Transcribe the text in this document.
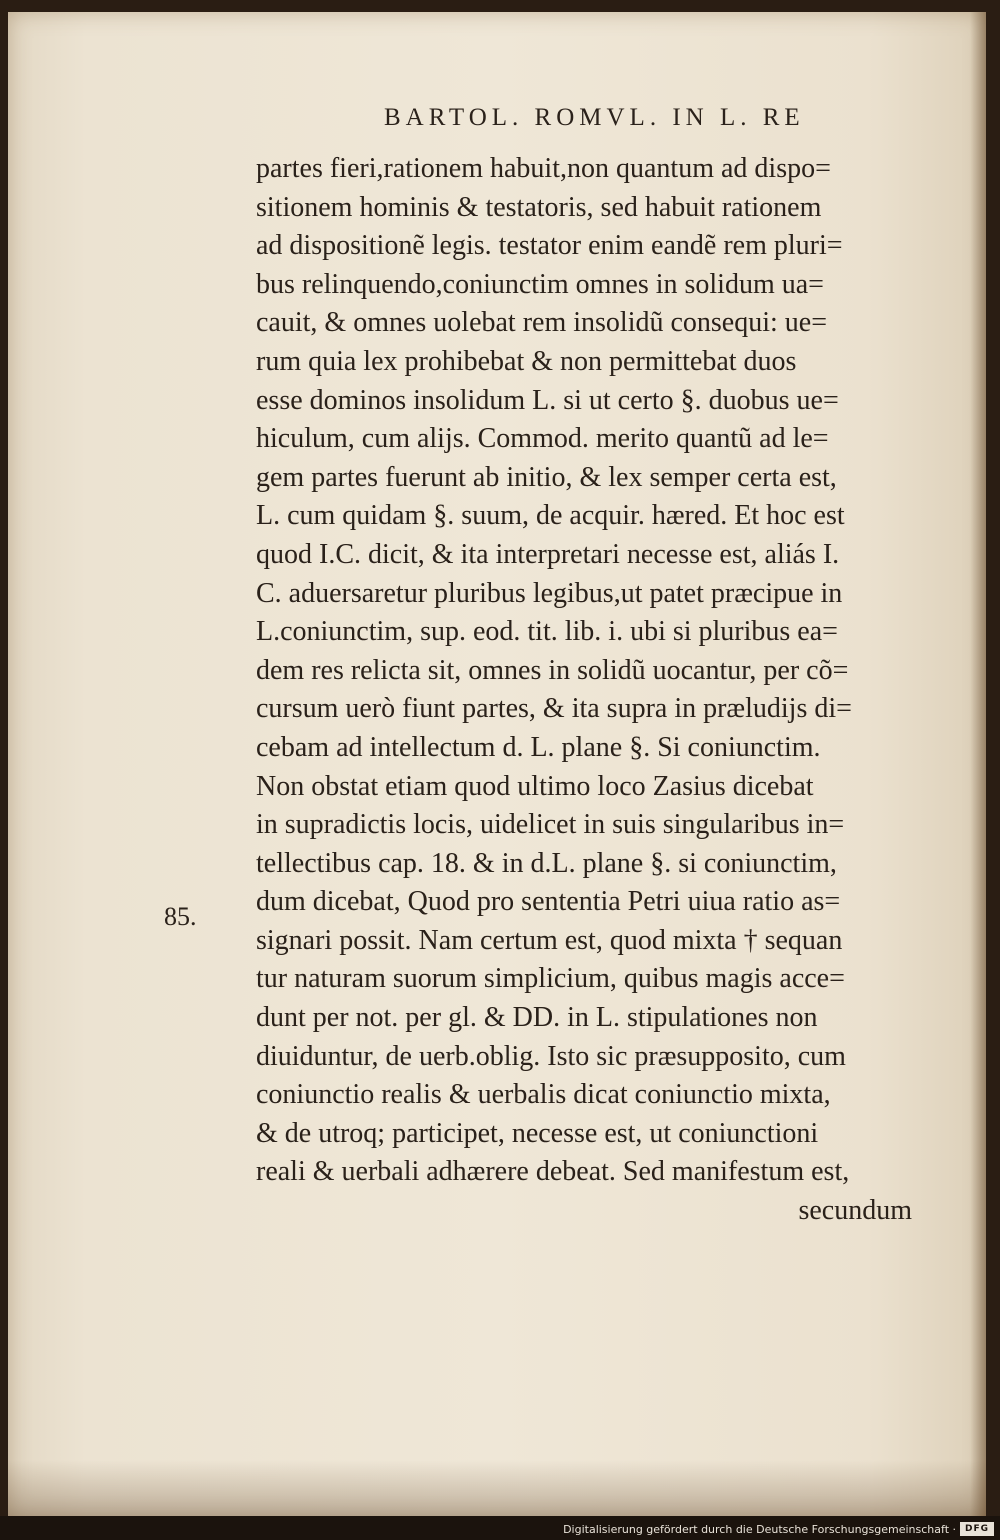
BARTOL. ROMVL. IN L. RE
85.
partes fieri,rationem habuit,non quantum ad dispo=
sitionem hominis & testatoris, sed habuit rationem
ad dispositionẽ legis. testator enim eandẽ rem pluri=
bus relinquendo,coniunctim omnes in solidum ua=
cauit, & omnes uolebat rem insolidũ consequi: ue=
rum quia lex prohibebat & non permittebat duos
esse dominos insolidum L. si ut certo §. duobus ue=
hiculum, cum alijs. Commod. merito quantũ ad le=
gem partes fuerunt ab initio, & lex semper certa est,
L. cum quidam §. suum, de acquir. hæred. Et hoc est
quod I.C. dicit, & ita interpretari necesse est, aliás I.
C. aduersaretur pluribus legibus,ut patet præcipue in
L.coniunctim, sup. eod. tit. lib. i. ubi si pluribus ea=
dem res relicta sit, omnes in solidũ uocantur, per cõ=
cursum uerò fiunt partes, & ita supra in præludijs di=
cebam ad intellectum d. L. plane §. Si coniunctim.
Non obstat etiam quod ultimo loco Zasius dicebat
in supradictis locis, uidelicet in suis singularibus in=
tellectibus cap. 18. & in d.L. plane §. si coniunctim,
dum dicebat, Quod pro sententia Petri uiua ratio as=
signari possit. Nam certum est, quod mixta † sequan
tur naturam suorum simplicium, quibus magis acce=
dunt per not. per gl. & DD. in L. stipulationes non
diuiduntur, de uerb.oblig. Isto sic præsupposito, cum
coniunctio realis & uerbalis dicat coniunctio mixta,
& de utroq; participet, necesse est, ut coniunctioni
reali & uerbali adhærere debeat. Sed manifestum est,
secundum
Digitalisierung gefördert durch die Deutsche Forschungsgemeinschaft · DFG
